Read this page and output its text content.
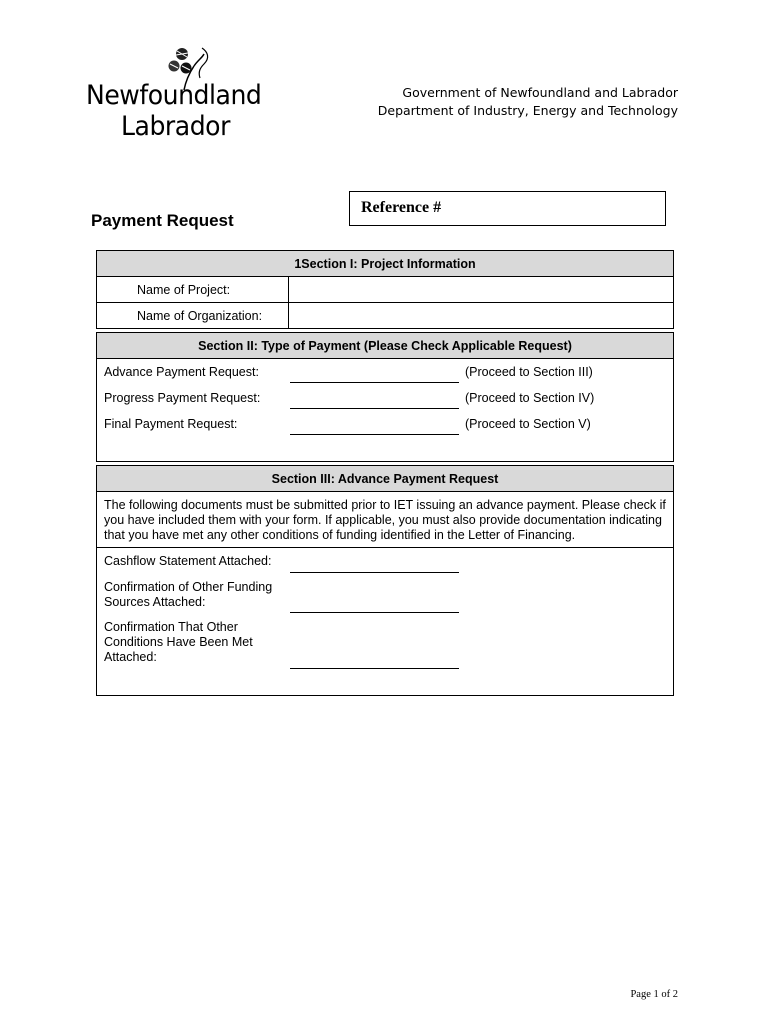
Newfoundland
Labrador
Government of Newfoundland and Labrador
Department of Industry, Energy and Technology
Reference #
Payment Request
1Section I: Project Information
Name of Project:
Name of Organization:
Section II: Type of Payment (Please Check Applicable Request)
Advance Payment Request:	(Proceed to Section III)
Progress Payment Request:	(Proceed to Section IV)
Final Payment Request:	(Proceed to Section V)
Section III: Advance Payment Request
The following documents must be submitted prior to IET issuing an advance payment. Please check if you have included them with your form. If applicable, you must also provide documentation indicating that you have met any other conditions of funding identified in the Letter of Financing.
Cashflow Statement Attached:
Confirmation of Other Funding Sources Attached:
Confirmation That Other Conditions Have Been Met Attached:
Page 1 of 2
